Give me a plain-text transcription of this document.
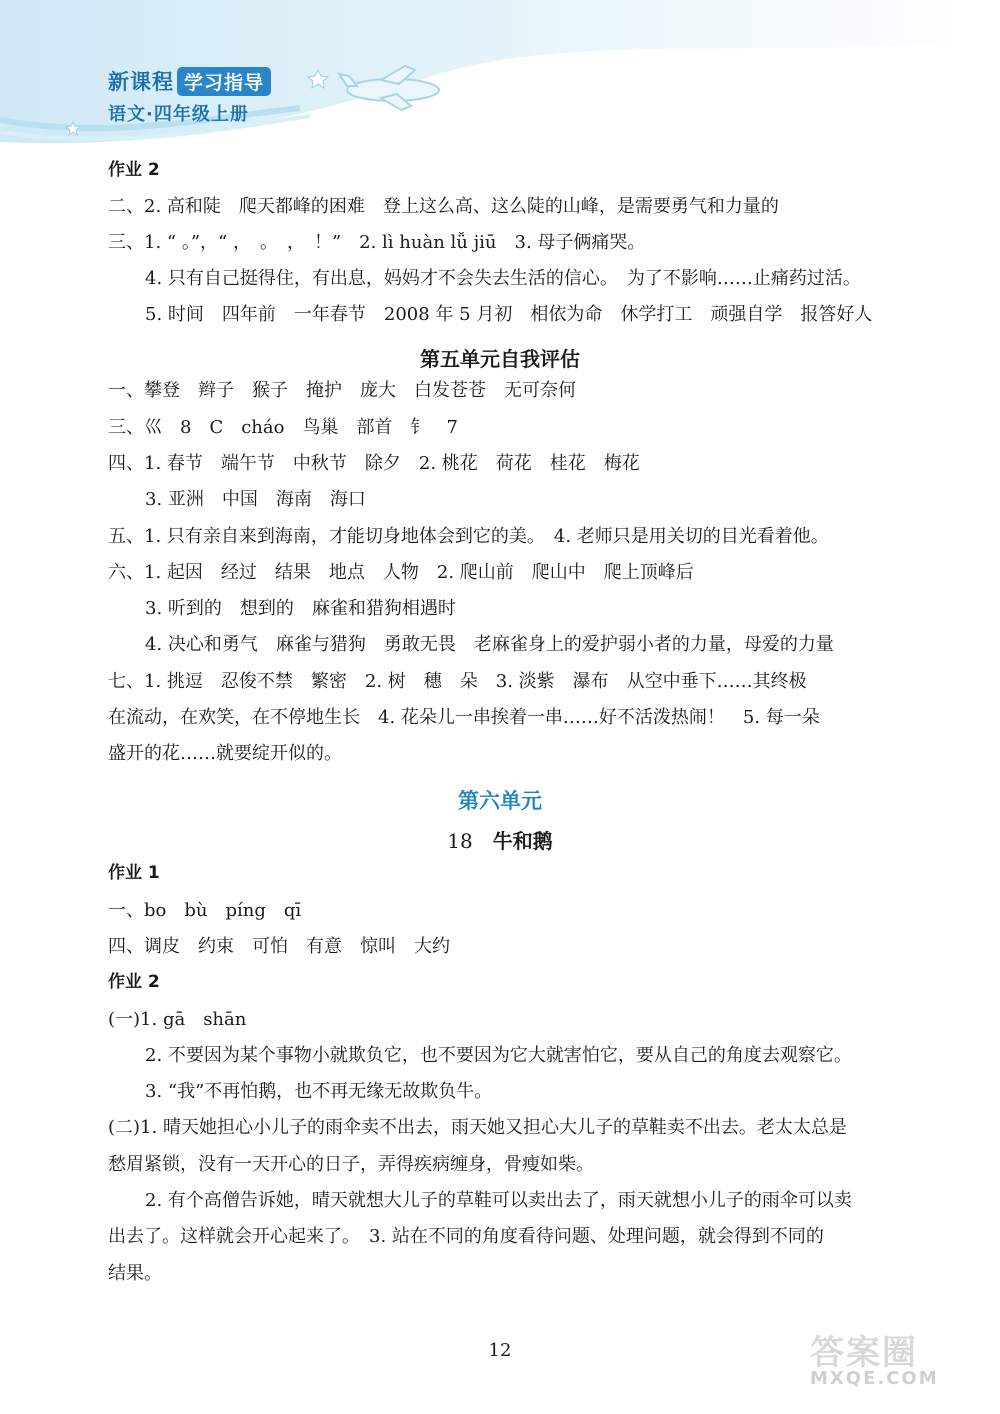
新课程 学习指导
语文·四年级上册
作业 2
二、2. 高和陡　爬天都峰的困难　登上这么高、这么陡的山峰，是需要勇气和力量的
三、1. “ 。”，“ ，　。　，　！”　2. lì huàn lǚ jiū　3. 母子俩痛哭。
4. 只有自己挺得住，有出息，妈妈才不会失去生活的信心。　为了不影响……止痛药过活。
5. 时间　四年前　一年春节　2008 年 5 月初　相依为命　休学打工　顽强自学　报答好人
第五单元自我评估
一、攀登　辫子　猴子　掩护　庞大　白发苍苍　无可奈何
三、巛　8　C　cháo　鸟巢　部首　钅　7
四、1. 春节　端午节　中秋节　除夕　2. 桃花　荷花　桂花　梅花
3. 亚洲　中国　海南　海口
五、1. 只有亲自来到海南，才能切身地体会到它的美。　4. 老师只是用关切的目光看着他。
六、1. 起因　经过　结果　地点　人物　2. 爬山前　爬山中　爬上顶峰后
3. 听到的　想到的　麻雀和猎狗相遇时
4. 决心和勇气　麻雀与猎狗　勇敢无畏　老麻雀身上的爱护弱小者的力量，母爱的力量
七、1. 挑逗　忍俊不禁　繁密　2. 树　穗　朵　3. 淡紫　瀑布　从空中垂下……其终极
在流动，在欢笑，在不停地生长　4. 花朵儿一串挨着一串……好不活泼热闹！　5. 每一朵
盛开的花……就要绽开似的。
第六单元
18 牛和鹅
作业 1
一、bo　bù　píng　qī
四、调皮　约束　可怕　有意　惊叫　大约
作业 2
(一)1. gā　shān
2. 不要因为某个事物小就欺负它，也不要因为它大就害怕它，要从自己的角度去观察它。
3. “我”不再怕鹅，也不再无缘无故欺负牛。
(二)1. 晴天她担心小儿子的雨伞卖不出去，雨天她又担心大儿子的草鞋卖不出去。老太太总是
愁眉紧锁，没有一天开心的日子，弄得疾病缠身，骨瘦如柴。
2. 有个高僧告诉她，晴天就想大儿子的草鞋可以卖出去了，雨天就想小儿子的雨伞可以卖
出去了。这样就会开心起来了。　3. 站在不同的角度看待问题、处理问题，就会得到不同的
结果。
12	答案圈
MXQE.COM
